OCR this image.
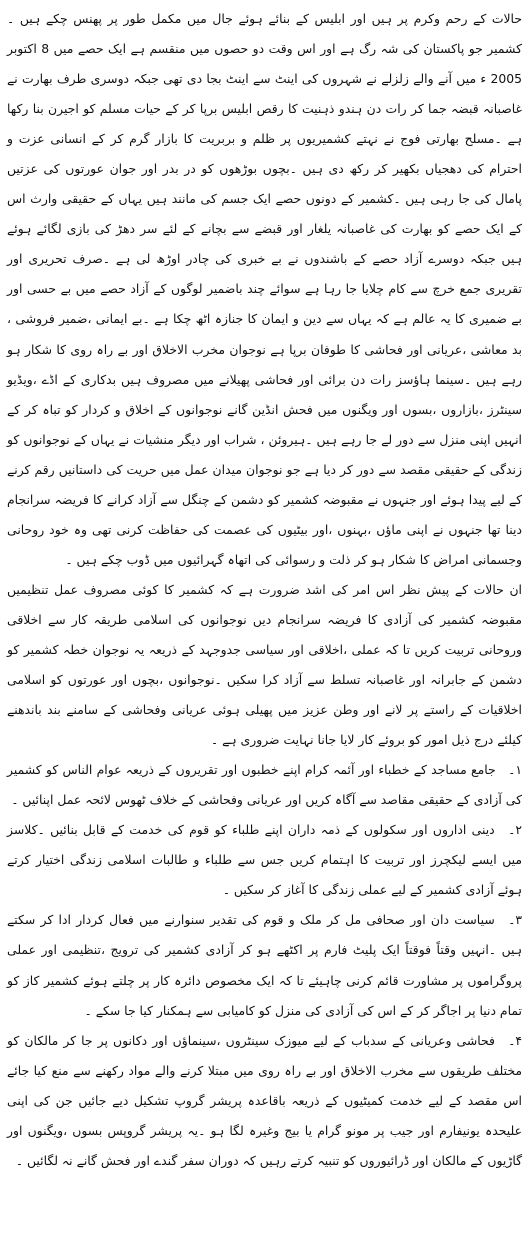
حالات کے رحم وکرم پر ہیں اور ابلیس کے بنائے ہوئے جال میں مکمل طور پر پھنس چکے ہیں ۔کشمیر جو پاکستان کی شہ رگ ہے اور اس وقت دو حصوں میں منقسم ہے ایک حصے میں 8 اکتوبر 2005 ء میں آنے والے زلزلے نے شہروں کی اینٹ سے اینٹ بجا دی تھی جبکہ دوسری طرف بھارت نے غاصبانہ قبضہ جما کر رات دن ہندو ذہنیت کا رقص ابلیس برپا کر کے حیات مسلم کو اجیرن بنا رکھا ہے ۔مسلح بھارتی فوج نے نہتے کشمیریوں پر ظلم و بربریت کا بازار گرم کر کے انسانی عزت و احترام کی دھجیاں بکھیر کر رکھ دی ہیں ۔بچوں بوڑھوں کو در بدر اور جوان عورتوں کی عزتیں پامال کی جا رہی ہیں ۔کشمیر کے دونوں حصے ایک جسم کی مانند ہیں یہاں کے حقیقی وارث اس کے ایک حصے کو بھارت کی غاصبانہ یلغار اور قبضے سے بچانے کے لئے سر دھڑ کی بازی لگائے ہوئے ہیں جبکہ دوسرے آزاد حصے کے باشندوں نے بے خبری کی چادر اوڑھ لی ہے ۔صرف تحریری اور تقریری جمع خرچ سے کام چلایا جا رہا ہے سوائے چند باضمیر لوگوں کے آزاد حصے میں بے حسی اور بے ضمیری کا یہ عالم ہے کہ یہاں سے دین و ایمان کا جنازہ اٹھ چکا ہے ۔بے ایمانی ،ضمیر فروشی ، بد معاشی ،عریانی اور فحاشی کا طوفان برپا ہے نوجوان مخرب الاخلاق اور بے راہ روی کا شکار ہو رہے ہیں ۔سینما ہاؤسز رات دن برائی اور فحاشی پھیلانے میں مصروف ہیں بدکاری کے اڈے ،ویڈیو سینٹرز ،بازاروں ،بسوں اور ویگنوں میں فحش انڈین گانے نوجوانوں کے اخلاق و کردار کو تباہ کر کے انہیں اپنی منزل سے دور لے جا رہے ہیں ۔ہیروئن ، شراب اور دیگر منشیات نے یہاں کے نوجوانوں کو زندگی کے حقیقی مقصد سے دور کر دیا ہے جو نوجوان میدان عمل میں حریت کی داستانیں رقم کرنے کے لیے پیدا ہوئے اور جنہوں نے مقبوضہ کشمیر کو دشمن کے چنگل سے آزاد کرانے کا فریضہ سرانجام دینا تھا جنہوں نے اپنی ماؤں ،بہنوں ،اور بیٹیوں کی عصمت کی حفاظت کرنی تھی وہ خود روحانی وجسمانی امراض کا شکار ہو کر ذلت و رسوائی کی اتھاہ گہرائیوں میں ڈوب چکے ہیں ۔

ان حالات کے پیش نظر اس امر کی اشد ضرورت ہے کہ کشمیر کا کوئی مصروف عمل تنظیمیں مقبوضہ کشمیر کی آزادی کا فریضہ سرانجام دیں نوجوانوں کی اسلامی طریقہ کار سے اخلاقی وروحانی تربیت کریں تا کہ عملی ،اخلاقی اور سیاسی جدوجہد کے ذریعہ یہ نوجوان خطہ کشمیر کو دشمن کے جابرانہ اور غاصبانہ تسلط سے آزاد کرا سکیں ۔نوجوانوں ،بچوں اور عورتوں کو اسلامی اخلاقیات کے راستے پر لانے اور وطن عزیز میں پھیلی ہوئی عریانی وفحاشی کے سامنے بند باندھنے کیلئے درج ذیل امور کو بروئے کار لایا جانا نہایت ضروری ہے ۔

۱۔ جامع مساجد کے خطباء اور آئمہ کرام اپنے خطبوں اور تقریروں کے ذریعہ عوام الناس کو کشمیر کی آزادی کے حقیقی مقاصد سے آگاہ کریں اور عریانی وفحاشی کے خلاف ٹھوس لائحہ عمل اپنائیں ۔

۲۔ دینی اداروں اور سکولوں کے ذمہ داران اپنے طلباء کو قوم کی خدمت کے قابل بنائیں ۔کلاسز میں ایسے لیکچرز اور تربیت کا اہتمام کریں جس سے طلباء و طالبات اسلامی زندگی اختیار کرتے ہوئے آزادی کشمیر کے لیے عملی زندگی کا آغاز کر سکیں ۔

۳۔ سیاست دان اور صحافی مل کر ملک و قوم کی تقدیر سنوارنے میں فعال کردار ادا کر سکتے ہیں ۔انہیں وقتاً فوقتاً ایک پلیٹ فارم پر اکٹھے ہو کر آزادی کشمیر کی ترویج ،تنظیمی اور عملی پروگراموں پر مشاورت قائم کرنی چاہیئے تا کہ ایک مخصوص دائرہ کار پر چلتے ہوئے کشمیر کاز کو تمام دنیا پر اجاگر کر کے اس کی آزادی کی منزل کو کامیابی سے ہمکنار کیا جا سکے ۔

۴۔ فحاشی وعریانی کے سدباب کے لیے میوزک سینٹروں ،سینماؤں اور دکانوں پر جا کر مالکان کو مختلف طریقوں سے مخرب الاخلاق اور بے راہ روی میں مبتلا کرنے والے مواد رکھنے سے منع کیا جائے اس مقصد کے لیے خدمت کمیٹیوں کے ذریعہ باقاعدہ پریشر گروپ تشکیل دیے جائیں جن کی اپنی علیحدہ یونیفارم اور جیب پر مونو گرام یا بیج وغیرہ لگا ہو ۔یہ پریشر گروپس بسوں ،ویگنوں اور گاڑیوں کے مالکان اور ڈرائیوروں کو تنبیہ کرتے رہیں کہ دوران سفر گندے اور فحش گانے نہ لگائیں ۔
